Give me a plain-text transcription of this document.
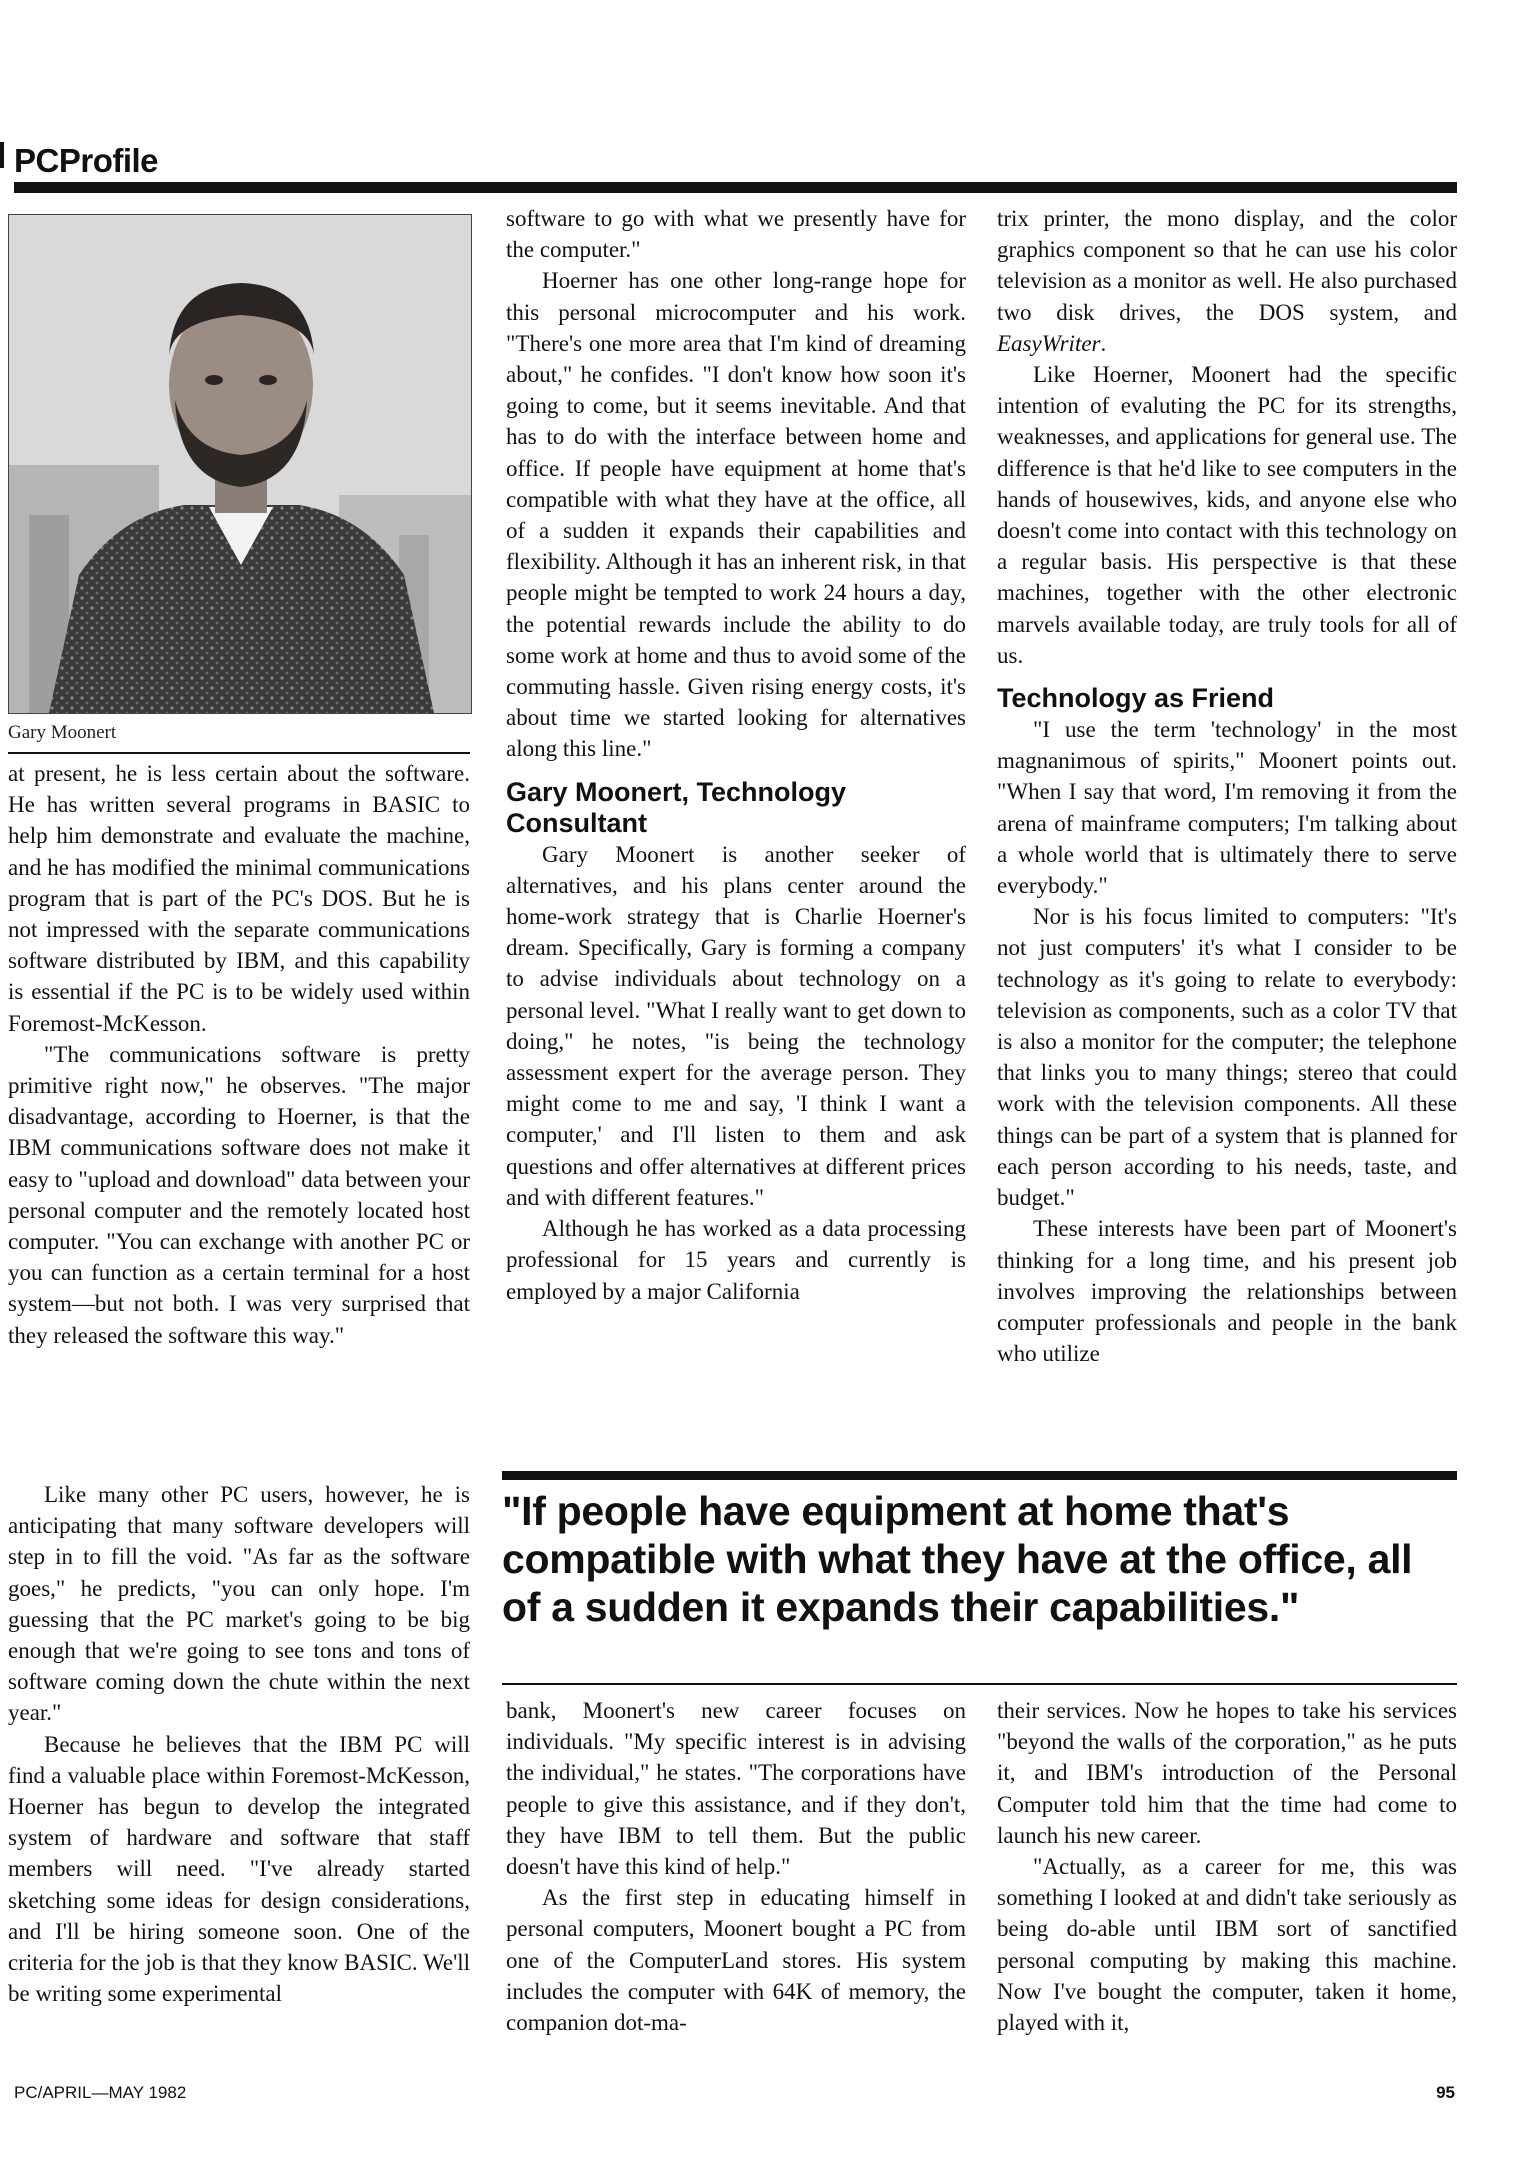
PCProfile
Gary Moonert

at present, he is less certain about the software. He has written several programs in BASIC to help him demonstrate and evaluate the machine, and he has modified the minimal communications program that is part of the PC's DOS. But he is not impressed with the separate communications software distributed by IBM, and this capability is essential if the PC is to be widely used within Foremost-McKesson.

"The communications software is pretty primitive right now," he observes. "The major disadvantage, according to Hoerner, is that the IBM communications software does not make it easy to "upload and download" data between your personal computer and the remotely located host computer. "You can exchange with another PC or you can function as a certain terminal for a host system—but not both. I was very surprised that they released the software this way."

Like many other PC users, however, he is anticipating that many software developers will step in to fill the void. "As far as the software goes," he predicts, "you can only hope. I'm guessing that the PC market's going to be big enough that we're going to see tons and tons of software coming down the chute within the next year."

Because he believes that the IBM PC will find a valuable place within Foremost-McKesson, Hoerner has begun to develop the integrated system of hardware and software that staff members will need. "I've already started sketching some ideas for design considerations, and I'll be hiring someone soon. One of the criteria for the job is that they know BASIC. We'll be writing some experimental

software to go with what we presently have for the computer."

Hoerner has one other long-range hope for this personal microcomputer and his work. "There's one more area that I'm kind of dreaming about," he confides. "I don't know how soon it's going to come, but it seems inevitable. And that has to do with the interface between home and office. If people have equipment at home that's compatible with what they have at the office, all of a sudden it expands their capabilities and flexibility. Although it has an inherent risk, in that people might be tempted to work 24 hours a day, the potential rewards include the ability to do some work at home and thus to avoid some of the commuting hassle. Given rising energy costs, it's about time we started looking for alternatives along this line."

Gary Moonert, Technology Consultant

Gary Moonert is another seeker of alternatives, and his plans center around the home-work strategy that is Charlie Hoerner's dream. Specifically, Gary is forming a company to advise individuals about technology on a personal level. "What I really want to get down to doing," he notes, "is being the technology assessment expert for the average person. They might come to me and say, 'I think I want a computer,' and I'll listen to them and ask questions and offer alternatives at different prices and with different features."

Although he has worked as a data processing professional for 15 years and currently is employed by a major California

trix printer, the mono display, and the color graphics component so that he can use his color television as a monitor as well. He also purchased two disk drives, the DOS system, and EasyWriter.

Like Hoerner, Moonert had the specific intention of evaluting the PC for its strengths, weaknesses, and applications for general use. The difference is that he'd like to see computers in the hands of housewives, kids, and anyone else who doesn't come into contact with this technology on a regular basis. His perspective is that these machines, together with the other electronic marvels available today, are truly tools for all of us.

Technology as Friend

"I use the term 'technology' in the most magnanimous of spirits," Moonert points out. "When I say that word, I'm removing it from the arena of mainframe computers; I'm talking about a whole world that is ultimately there to serve everybody."

Nor is his focus limited to computers: "It's not just computers' it's what I consider to be technology as it's going to relate to everybody: television as components, such as a color TV that is also a monitor for the computer; the telephone that links you to many things; stereo that could work with the television components. All these things can be part of a system that is planned for each person according to his needs, taste, and budget."

These interests have been part of Moonert's thinking for a long time, and his present job involves improving the relationships between computer professionals and people in the bank who utilize

"If people have equipment at home that's compatible with what they have at the office, all of a sudden it expands their capabilities."

bank, Moonert's new career focuses on individuals. "My specific interest is in advising the individual," he states. "The corporations have people to give this assistance, and if they don't, they have IBM to tell them. But the public doesn't have this kind of help."

As the first step in educating himself in personal computers, Moonert bought a PC from one of the ComputerLand stores. His system includes the computer with 64K of memory, the companion dot-ma-

their services. Now he hopes to take his services "beyond the walls of the corporation," as he puts it, and IBM's introduction of the Personal Computer told him that the time had come to launch his new career.

"Actually, as a career for me, this was something I looked at and didn't take seriously as being do-able until IBM sort of sanctified personal computing by making this machine. Now I've bought the computer, taken it home, played with it,

PC/APRIL—MAY 1982	95
